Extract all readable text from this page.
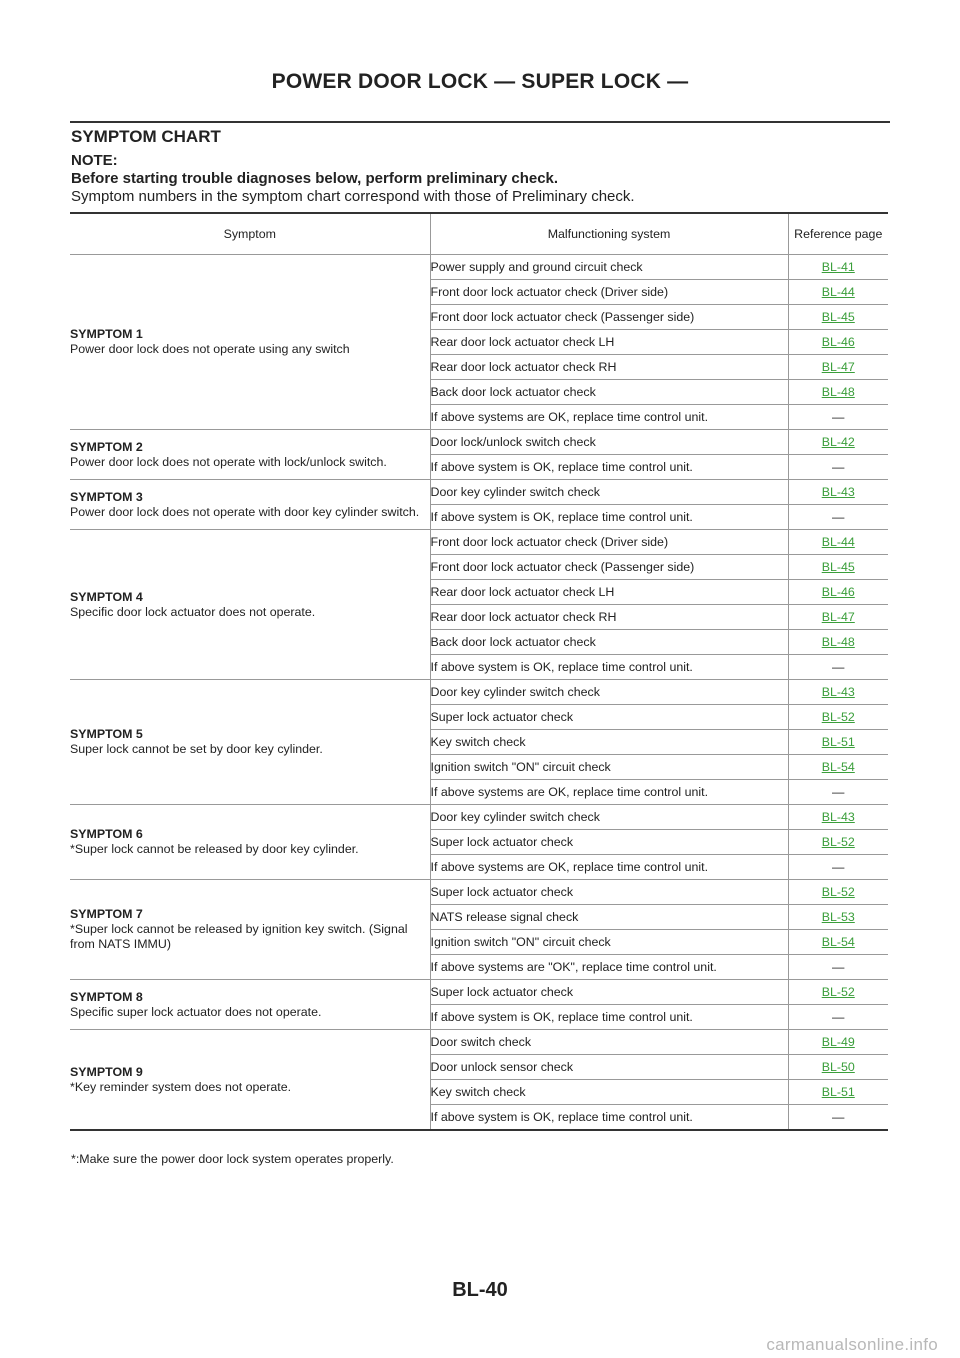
POWER DOOR LOCK — SUPER LOCK —
SYMPTOM CHART
NOTE:
Before starting trouble diagnoses below, perform preliminary check.
Symptom numbers in the symptom chart correspond with those of Preliminary check.
Symptom	Malfunctioning system	Reference page

SYMPTOM 1
Power door lock does not operate using any switch	Power supply and ground circuit check	BL-41
	Front door lock actuator check (Driver side)	BL-44
	Front door lock actuator check (Passenger side)	BL-45
	Rear door lock actuator check LH	BL-46
	Rear door lock actuator check RH	BL-47
	Back door lock actuator check	BL-48
	If above systems are OK, replace time control unit.	—

SYMPTOM 2
Power door lock does not operate with lock/unlock switch.	Door lock/unlock switch check	BL-42
	If above system is OK, replace time control unit.	—

SYMPTOM 3
Power door lock does not operate with door key cylinder switch.	Door key cylinder switch check	BL-43
	If above system is OK, replace time control unit.	—

SYMPTOM 4
Specific door lock actuator does not operate.	Front door lock actuator check (Driver side)	BL-44
	Front door lock actuator check (Passenger side)	BL-45
	Rear door lock actuator check LH	BL-46
	Rear door lock actuator check RH	BL-47
	Back door lock actuator check	BL-48
	If above system is OK, replace time control unit.	—

SYMPTOM 5
Super lock cannot be set by door key cylinder.	Door key cylinder switch check	BL-43
	Super lock actuator check	BL-52
	Key switch check	BL-51
	Ignition switch "ON" circuit check	BL-54
	If above systems are OK, replace time control unit.	—

SYMPTOM 6
*Super lock cannot be released by door key cylinder.	Door key cylinder switch check	BL-43
	Super lock actuator check	BL-52
	If above systems are OK, replace time control unit.	—

SYMPTOM 7
*Super lock cannot be released by ignition key switch. (Signal from NATS IMMU)	Super lock actuator check	BL-52
	NATS release signal check	BL-53
	Ignition switch "ON" circuit check	BL-54
	If above systems are "OK", replace time control unit.	—

SYMPTOM 8
Specific super lock actuator does not operate.	Super lock actuator check	BL-52
	If above system is OK, replace time control unit.	—

SYMPTOM 9
*Key reminder system does not operate.	Door switch check	BL-49
	Door unlock sensor check	BL-50
	Key switch check	BL-51
	If above system is OK, replace time control unit.	—
*:Make sure the power door lock system operates properly.
BL-40
carmanualsonline.info
